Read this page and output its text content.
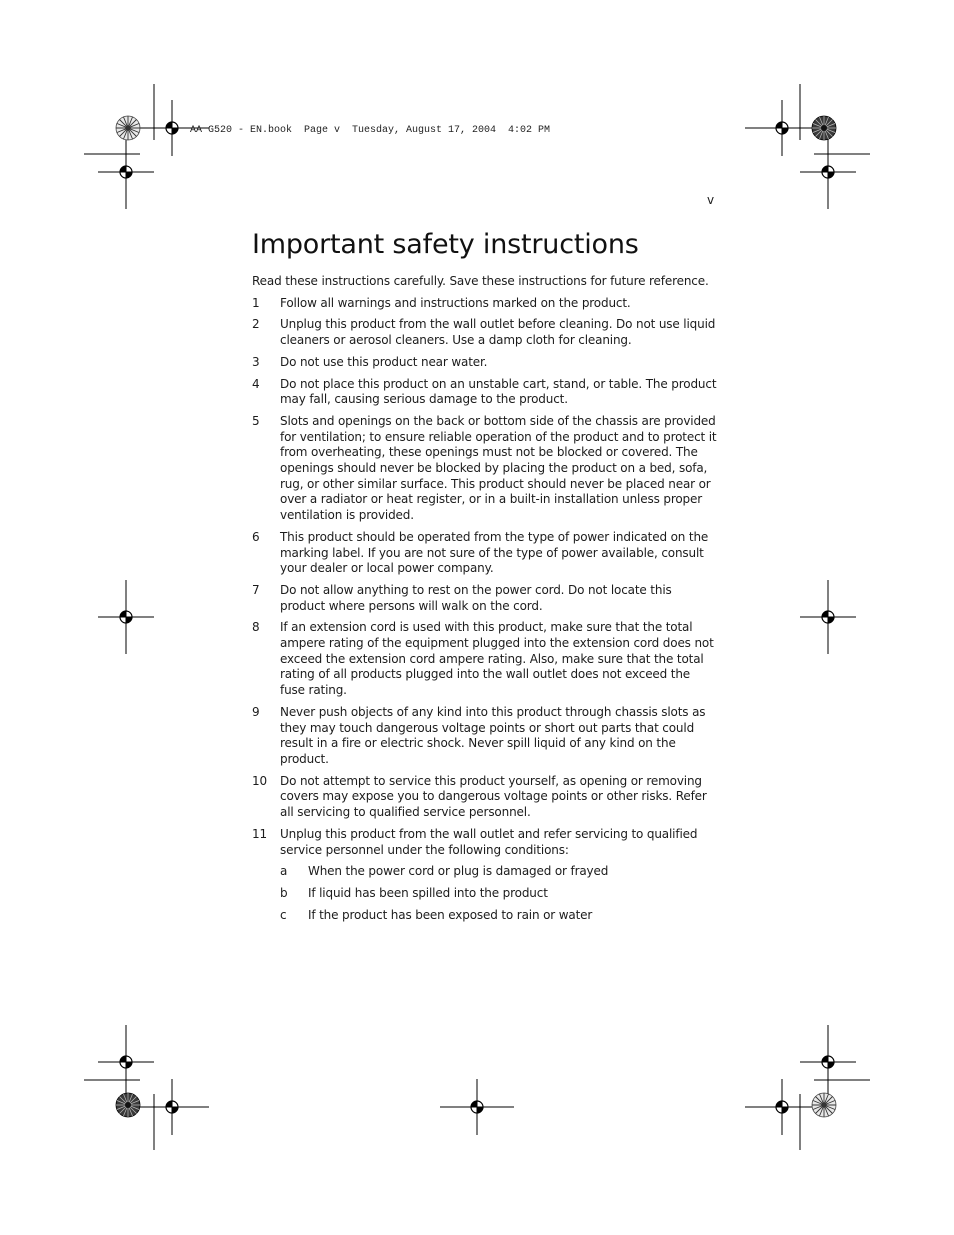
AA G520 - EN.book  Page v  Tuesday, August 17, 2004  4:02 PM
v
Important safety instructions

Read these instructions carefully. Save these instructions for future reference.

1	Follow all warnings and instructions marked on the product.
2	Unplug this product from the wall outlet before cleaning. Do not use liquid cleaners or aerosol cleaners. Use a damp cloth for cleaning.
3	Do not use this product near water.
4	Do not place this product on an unstable cart, stand, or table. The product may fall, causing serious damage to the product.
5	Slots and openings on the back or bottom side of the chassis are provided for ventilation; to ensure reliable operation of the product and to protect it from overheating, these openings must not be blocked or covered. The openings should never be blocked by placing the product on a bed, sofa, rug, or other similar surface. This product should never be placed near or over a radiator or heat register, or in a built-in installation unless proper ventilation is provided.
6	This product should be operated from the type of power indicated on the marking label. If you are not sure of the type of power available, consult your dealer or local power company.
7	Do not allow anything to rest on the power cord. Do not locate this product where persons will walk on the cord.
8	If an extension cord is used with this product, make sure that the total ampere rating of the equipment plugged into the extension cord does not exceed the extension cord ampere rating. Also, make sure that the total rating of all products plugged into the wall outlet does not exceed the fuse rating.
9	Never push objects of any kind into this product through chassis slots as they may touch dangerous voltage points or short out parts that could result in a fire or electric shock. Never spill liquid of any kind on the product.
10	Do not attempt to service this product yourself, as opening or removing covers may expose you to dangerous voltage points or other risks. Refer all servicing to qualified service personnel.
11	Unplug this product from the wall outlet and refer servicing to qualified service personnel under the following conditions:
a	When the power cord or plug is damaged or frayed
b	If liquid has been spilled into the product
c	If the product has been exposed to rain or water
